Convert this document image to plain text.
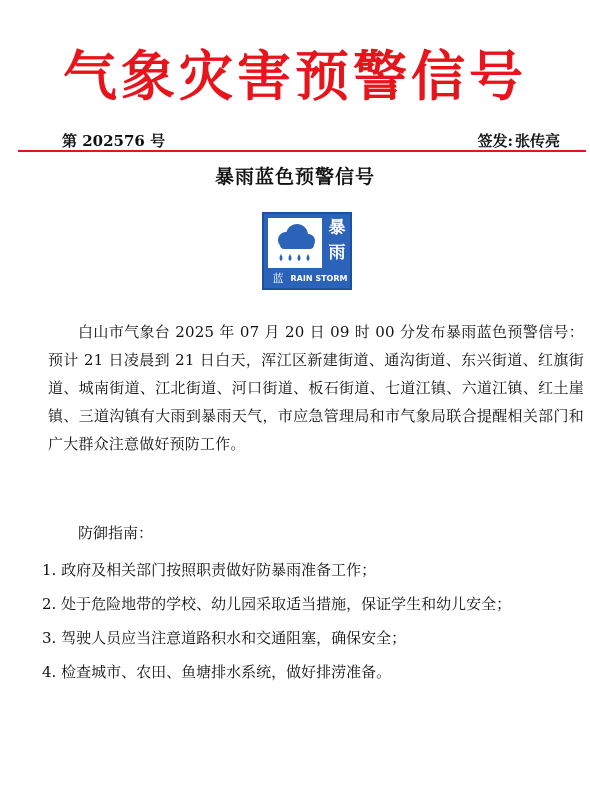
气象灾害预警信号
第 202576 号	签发: 张传亮
暴雨蓝色预警信号
暴雨
蓝 RAIN STORM
白山市气象台 2025 年 07 月 20 日 09 时 00 分发布暴雨蓝色预警信号：预计 21 日凌晨到 21 日白天，浑江区新建街道、通沟街道、东兴街道、红旗街道、城南街道、江北街道、河口街道、板石街道、七道江镇、六道江镇、红土崖镇、三道沟镇有大雨到暴雨天气，市应急管理局和市气象局联合提醒相关部门和广大群众注意做好预防工作。
防御指南：
1. 政府及相关部门按照职责做好防暴雨准备工作；
2. 处于危险地带的学校、幼儿园采取适当措施，保证学生和幼儿安全；
3. 驾驶人员应当注意道路积水和交通阻塞，确保安全；
4. 检查城市、农田、鱼塘排水系统，做好排涝准备。
